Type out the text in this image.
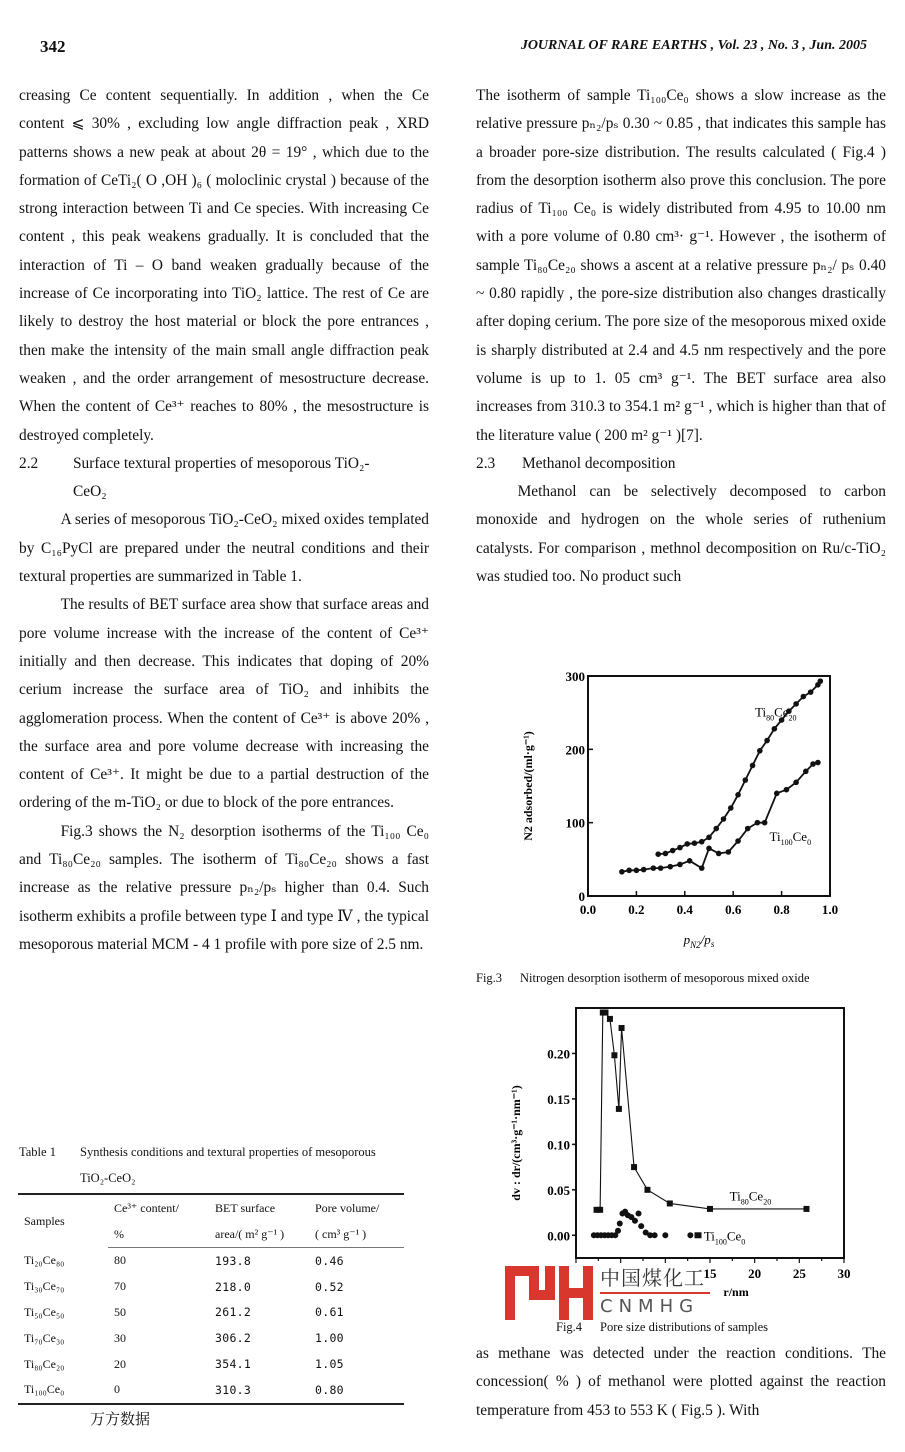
342	JOURNAL OF RARE EARTHS , Vol. 23 , No. 3 , Jun. 2005

creasing Ce content sequentially. In addition , when the Ce content ⩽ 30% , excluding low angle diffraction peak , XRD patterns shows a new peak at about 2θ = 19° , which due to the formation of CeTi₂( O ,OH )₆ ( moloclinic crystal ) because of the strong interaction between Ti and Ce species. With increasing Ce content , this peak weakens gradually. It is concluded that the interaction of Ti – O band weaken gradually because of the increase of Ce incorporating into TiO₂ lattice. The rest of Ce are likely to destroy the host material or block the pore entrances , then make the intensity of the main small angle diffraction peak weaken , and the order arrangement of mesostructure decrease. When the content of Ce³⁺ reaches to 80% , the mesostructure is destroyed completely.

2.2 Surface textural properties of mesoporous TiO₂-
CeO₂

A series of mesoporous TiO₂-CeO₂ mixed oxides templated by C₁₆PyCl are prepared under the neutral conditions and their textural properties are summarized in Table 1.

The results of BET surface area show that surface areas and pore volume increase with the increase of the content of Ce³⁺ initially and then decrease. This indicates that doping of 20% cerium increase the surface area of TiO₂ and inhibits the agglomeration process. When the content of Ce³⁺ is above 20% , the surface area and pore volume decrease with increasing the content of Ce³⁺. It might be due to a partial destruction of the ordering of the m-TiO₂ or due to block of the pore entrances.

Fig.3 shows the N₂ desorption isotherms of the Ti₁₀₀ Ce₀ and Ti₈₀Ce₂₀ samples. The isotherm of Ti₈₀Ce₂₀ shows a fast increase as the relative pressure pₙ₂/pₛ higher than 0.4. Such isotherm exhibits a profile between type Ⅰ and type Ⅳ , the typical mesoporous material MCM - 4 1 profile with pore size of 2.5 nm.

Table 1 Synthesis conditions and textural properties of mesoporous
TiO₂-CeO₂
Samples	Ce³⁺ content/	BET surface	Pore volume/
	%	area/( m² g⁻¹ )	( cm³ g⁻¹ )
Ti₂₀Ce₈₀	80	193.8	0.46
Ti₃₀Ce₇₀	70	218.0	0.52
Ti₅₀Ce₅₀	50	261.2	0.61
Ti₇₀Ce₃₀	30	306.2	1.00
Ti₈₀Ce₂₀	20	354.1	1.05
Ti₁₀₀Ce₀	0	310.3	0.80
万方数据

The isotherm of sample Ti₁₀₀Ce₀ shows a slow increase as the relative pressure pₙ₂/pₛ 0.30 ~ 0.85 , that indicates this sample has a broader pore-size distribution. The results calculated ( Fig.4 ) from the desorption isotherm also prove this conclusion. The pore radius of Ti₁₀₀ Ce₀ is widely distributed from 4.95 to 10.00 nm with a pore volume of 0.80 cm³· g⁻¹. However , the isotherm of sample Ti₈₀Ce₂₀ shows a ascent at a relative pressure pₙ₂/ pₛ 0.40 ~ 0.80 rapidly , the pore-size distribution also changes drastically after doping cerium. The pore size of the mesoporous mixed oxide is sharply distributed at 2.4 and 4.5 nm respectively and the pore volume is up to 1. 05 cm³ g⁻¹. The BET surface area also increases from 310.3 to 354.1 m² g⁻¹ , which is higher than that of the literature value ( 200 m² g⁻¹ )[7].

2.3 Methanol decomposition

Methanol can be selectively decomposed to carbon monoxide and hydrogen on the whole series of ruthenium catalysts. For comparison , methnol decomposition on Ru/c-TiO₂ was studied too. No product such

as methane was detected under the reaction conditions. The concession( % ) of methanol were plotted against the reaction temperature from 453 to 553 K ( Fig.5 ). With

0.0 0.2 0.4 0.6 0.8 1.0
0
100
200
300
$p_{N2}/p_s$
N2 adsorbed/(ml·g⁻¹)
$Ti_{80}Ce_{20}$
$Ti_{100}Ce_0$
Fig.3 Nitrogen desorption isotherm of mesoporous mixed oxide
15 20 25 30
0.00
0.05
0.10
0.15
0.20
dv : dr/(cm³·g⁻¹·nm⁻¹)
r/nm
$Ti_{80}Ce_{20}$
$Ti_{100}Ce_0$
中国煤化工
CNMHG
Fig.4 Pore size distributions of samples
